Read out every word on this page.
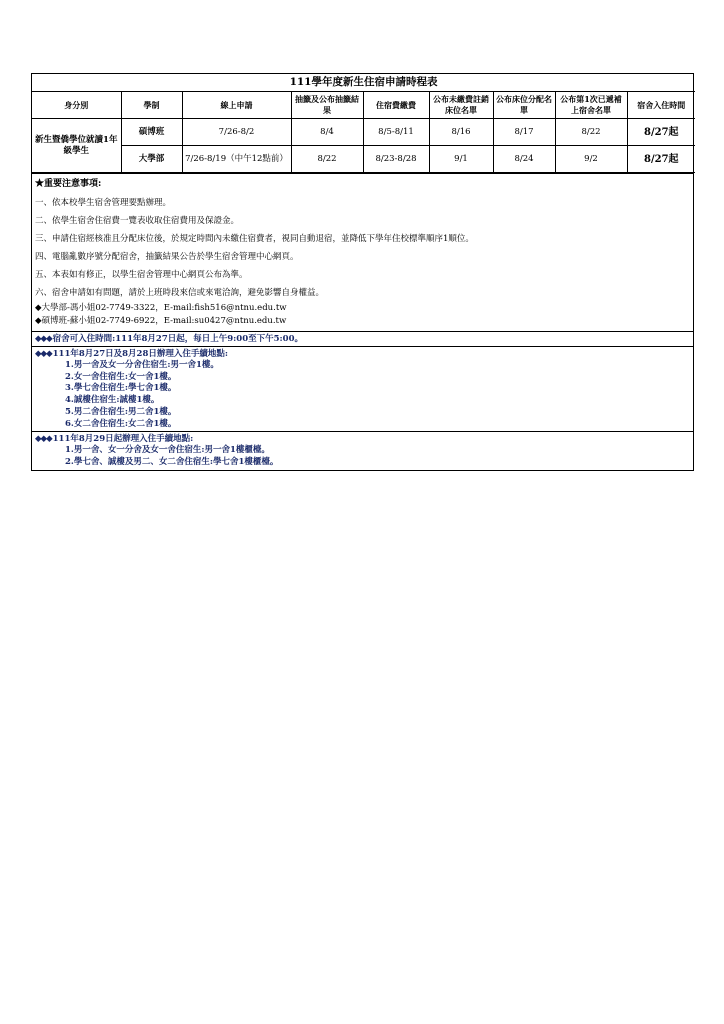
111學年度新生住宿申請時程表								
身分別	學制	線上申請	抽籤及公布抽籤結果	住宿費繳費	公布未繳費註銷床位名單	公布床位分配名單	公布第1次已遞補上宿舍名單	宿舍入住時間
新生暨僑學位就讀1年級學生	碩博班	7/26-8/2	8/4	8/5-8/11	8/16	8/17	8/22	8/27起
	大學部	7/26-8/19（中午12點前）	8/22	8/23-8/28	9/1	8/24	9/2	8/27起
★重要注意事項:
一、依本校學生宿舍管理要點辦理。
二、依學生宿舍住宿費一覽表收取住宿費用及保證金。
三、申請住宿經核准且分配床位後，於規定時間內未繳住宿費者，視同自動退宿，並降低下學年住校標準順序1順位。
四、電腦亂數序號分配宿舍，抽籤結果公告於學生宿舍管理中心網頁。
五、本表如有修正，以學生宿舍管理中心網頁公布為準。
六、宿舍申請如有問題，請於上班時段來信或來電洽詢，避免影響自身權益。
◆大學部-馮小姐02-7749-3322，E-mail:fish516@ntnu.edu.tw
◆碩博班-蘇小姐02-7749-6922，E-mail:su0427@ntnu.edu.tw
◆◆◆宿舍可入住時間:111年8月27日起，每日上午9:00至下午5:00。
◆◆◆111年8月27日及8月28日辦理入住手續地點:
1.男一舍及女一分舍住宿生:男一舍1樓。
2.女一舍住宿生:女一舍1樓。
3.學七舍住宿生:學七舍1樓。
4.誠樓住宿生:誠樓1樓。
5.男二舍住宿生:男二舍1樓。
6.女二舍住宿生:女二舍1樓。
◆◆◆111年8月29日起辦理入住手續地點:
1.男一舍、女一分舍及女一舍住宿生:男一舍1樓櫃檯。
2.學七舍、誠樓及男二、女二舍住宿生:學七舍1樓櫃檯。
